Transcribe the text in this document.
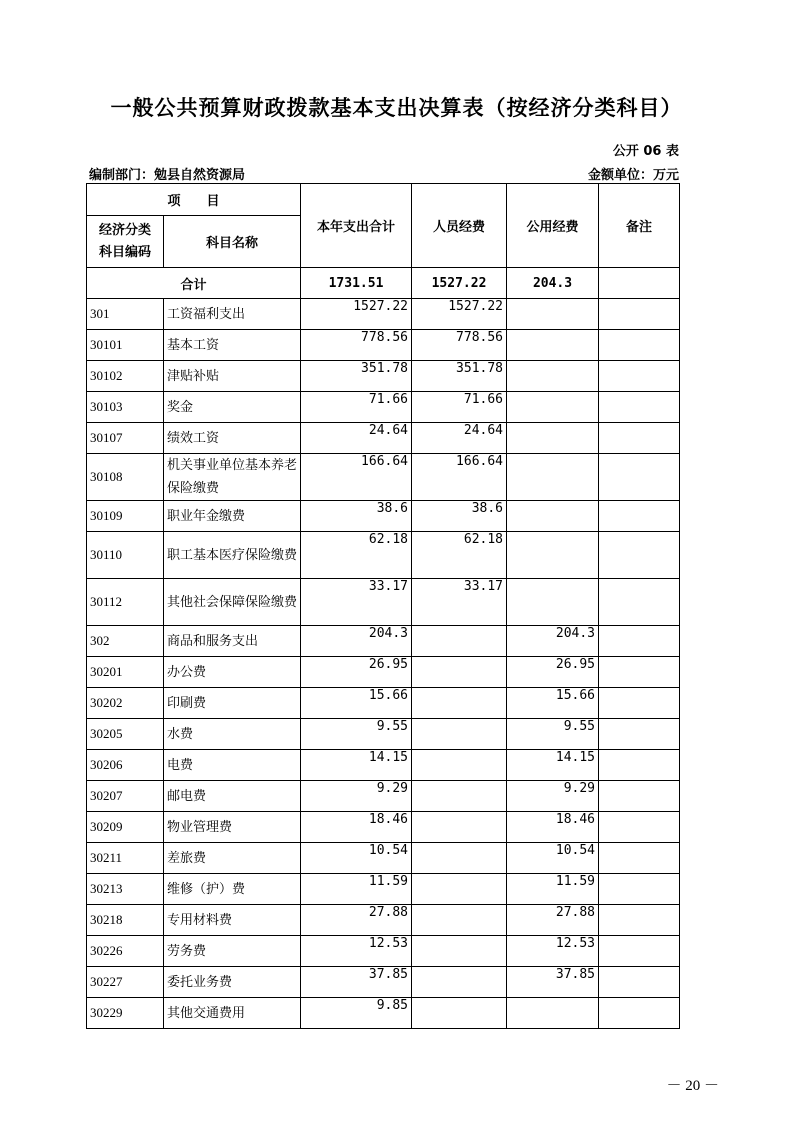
一般公共预算财政拨款基本支出决算表（按经济分类科目）
公开 06 表
编制部门：勉县自然资源局	金额单位：万元
项　　目		本年支出合计	人员经费	公用经费	备注
经济分类
科目编码	科目名称				
合计		1731.51	1527.22	204.3	
301	工资福利支出	1527.22	1527.22		
30101	基本工资	778.56	778.56		
30102	津贴补贴	351.78	351.78		
30103	奖金	71.66	71.66		
30107	绩效工资	24.64	24.64		
30108	机关事业单位基本养老保险缴费	166.64	166.64		
30109	职业年金缴费	38.6	38.6		
30110	职工基本医疗保险缴费	62.18	62.18		
30112	其他社会保障保险缴费	33.17	33.17		
302	商品和服务支出	204.3		204.3	
30201	办公费	26.95		26.95	
30202	印刷费	15.66		15.66	
30205	水费	9.55		9.55	
30206	电费	14.15		14.15	
30207	邮电费	9.29		9.29	
30209	物业管理费	18.46		18.46	
30211	差旅费	10.54		10.54	
30213	维修（护）费	11.59		11.59	
30218	专用材料费	27.88		27.88	
30226	劳务费	12.53		12.53	
30227	委托业务费	37.85		37.85	
30229	其他交通费用	9.85			
－ 20 －
